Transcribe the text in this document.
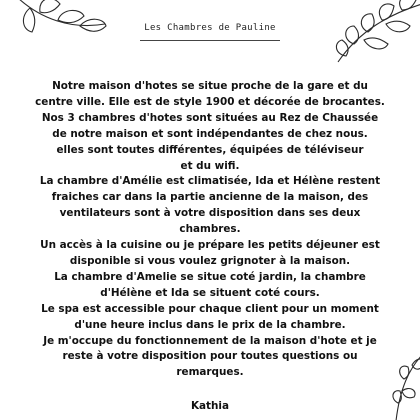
Les Chambres de Pauline

Notre maison d'hotes se situe proche de la gare et du

centre ville. Elle est de style 1900 et décorée de brocantes.

Nos 3 chambres d'hotes sont situées au Rez de Chaussée

de notre maison et sont indépendantes de chez nous.

elles sont toutes différentes, équipées de téléviseur

et du wifi.

La chambre d'Amélie est climatisée, Ida et Hélène restent

fraiches car dans la partie ancienne de la maison, des

ventilateurs sont à votre disposition dans ses deux

chambres.

Un accès à la cuisine ou je prépare les petits déjeuner est

disponible si vous voulez grignoter à la maison.

La chambre d'Amelie se situe coté jardin, la chambre

d'Hélène et Ida se situent coté cours.

Le spa est accessible pour chaque client pour un moment

d'une heure inclus dans le prix de la chambre.

Je m'occupe du fonctionnement de la maison d'hote et je

reste à votre disposition pour toutes questions ou

remarques.

Kathia
